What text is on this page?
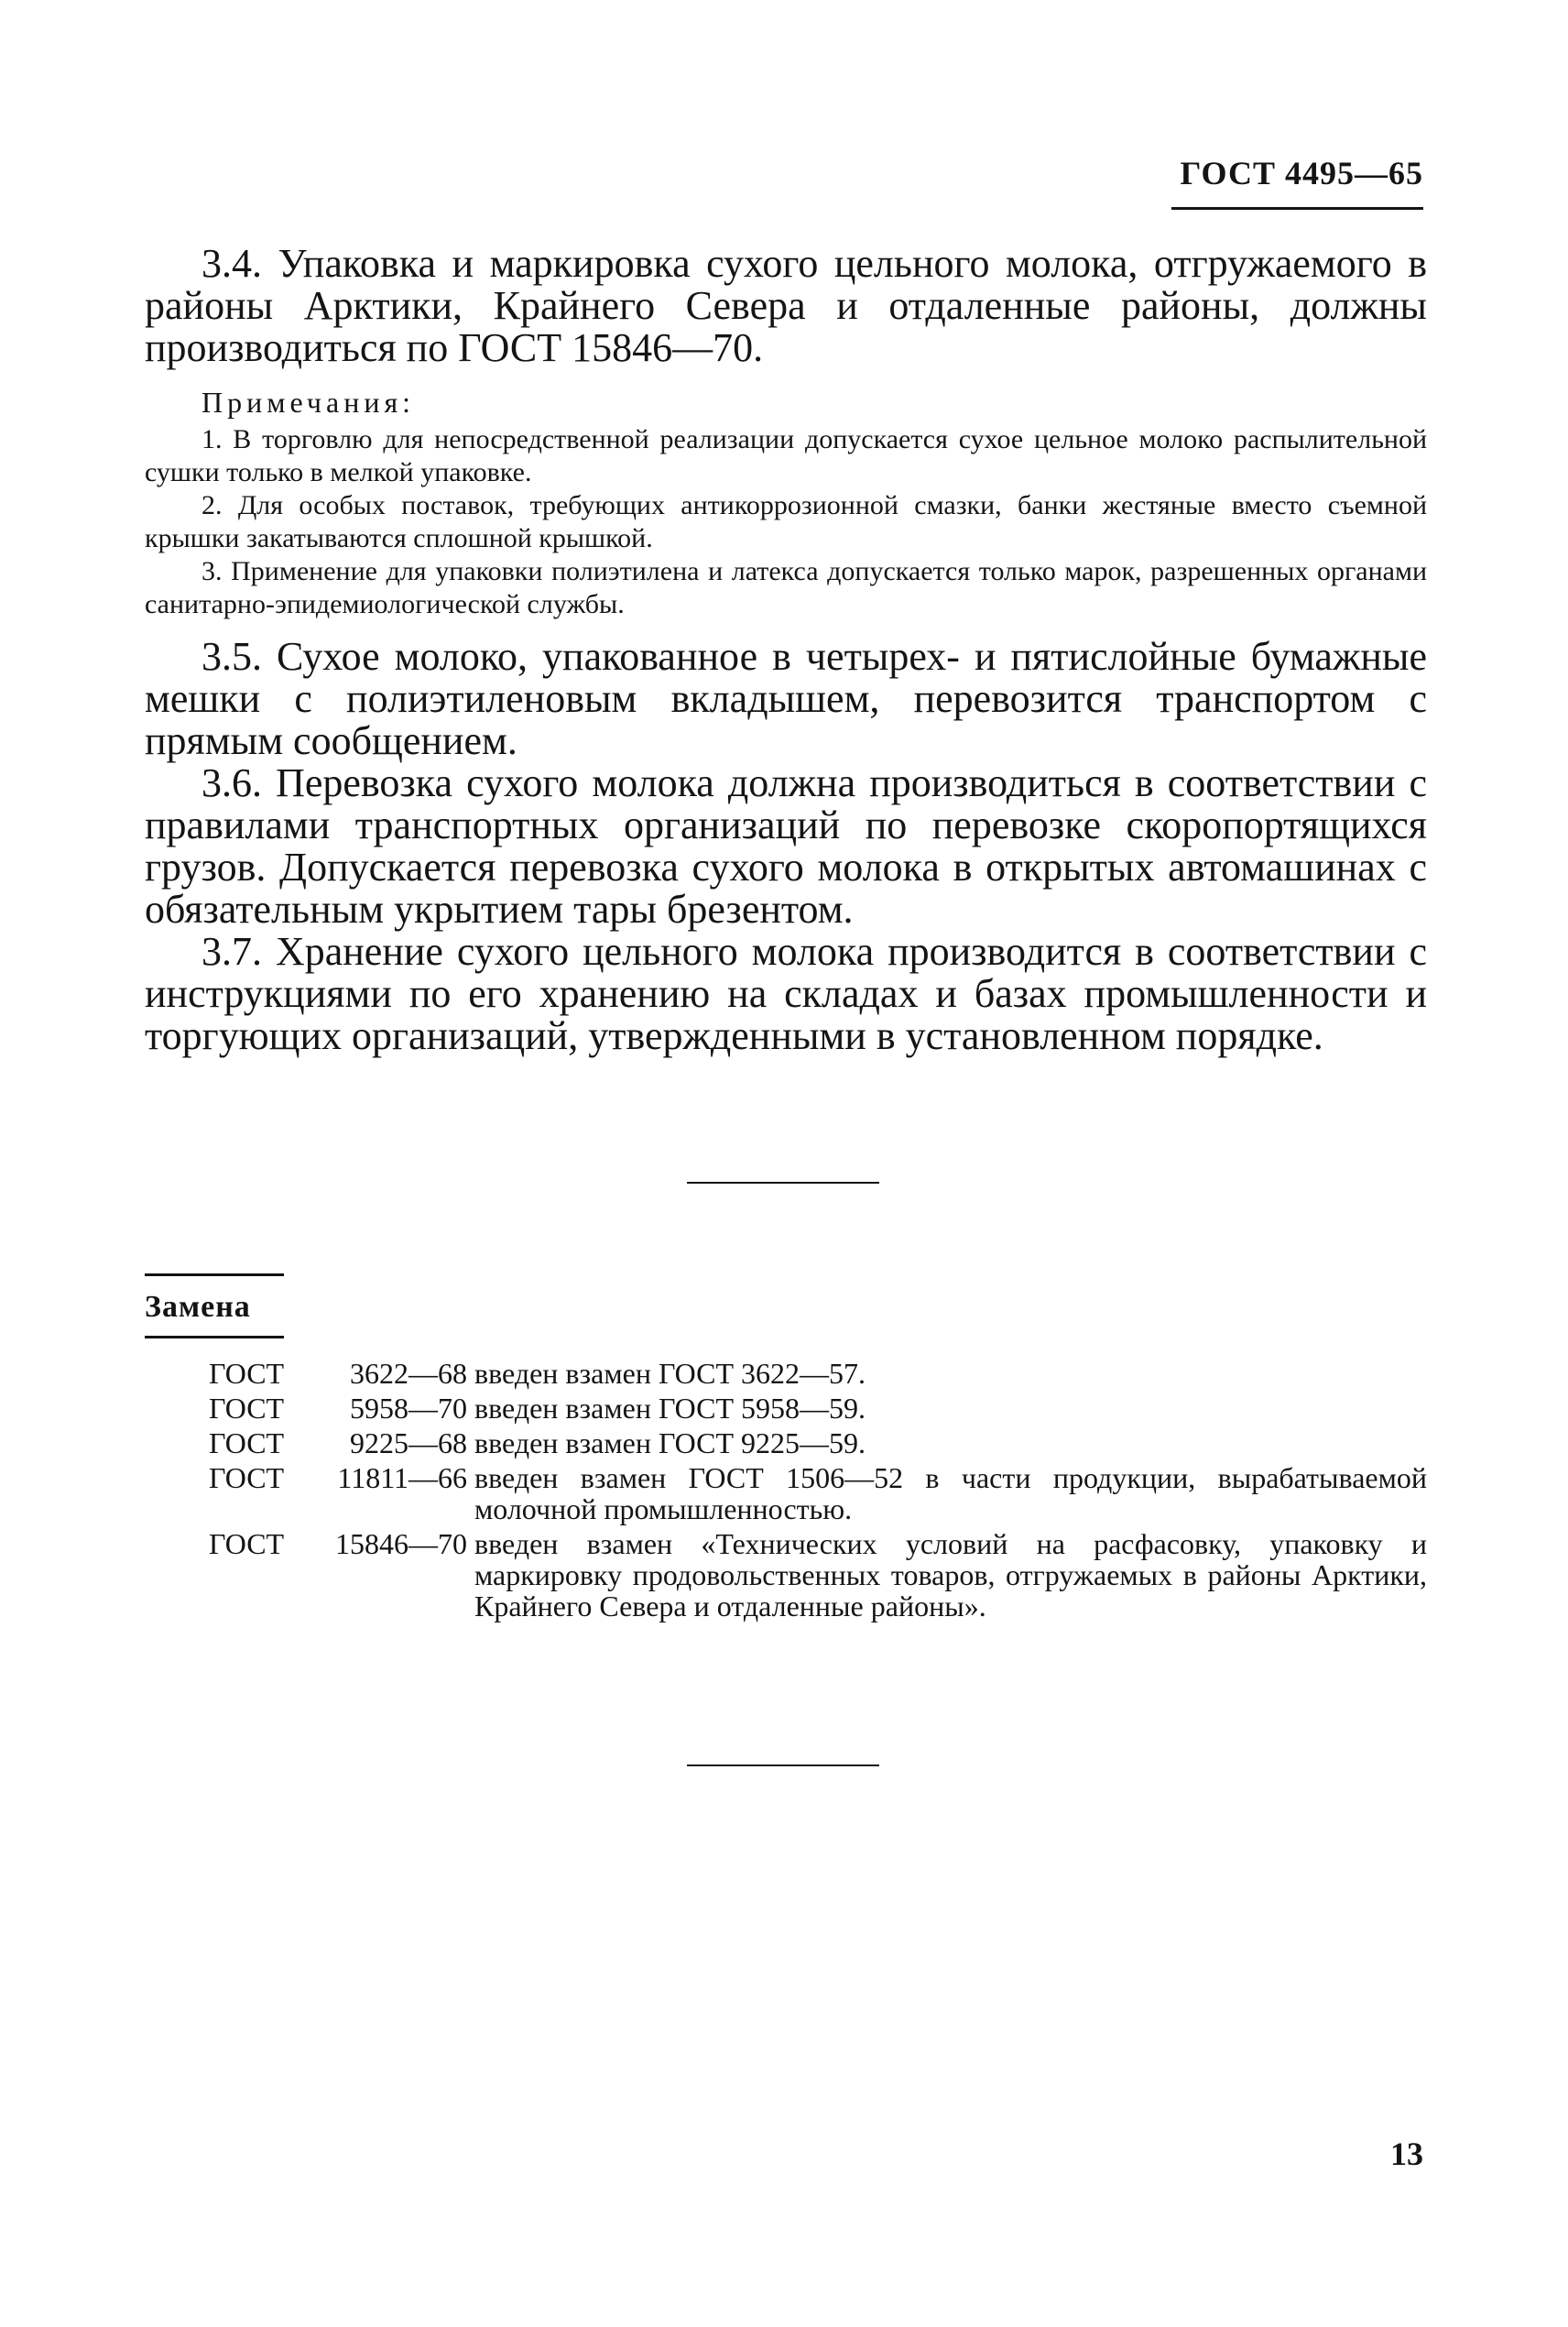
ГОСТ 4495—65

3.4. Упаковка и маркировка сухого цельного молока, отгружаемого в районы Арктики, Крайнего Севера и отдаленные районы, должны производиться по ГОСТ 15846—70.

Примечания:

1. В торговлю для непосредственной реализации допускается сухое цельное молоко распылительной сушки только в мелкой упаковке.

2. Для особых поставок, требующих антикоррозионной смазки, банки жестяные вместо съемной крышки закатываются сплошной крышкой.

3. Применение для упаковки полиэтилена и латекса допускается только марок, разрешенных органами санитарно-эпидемиологической службы.

3.5. Сухое молоко, упакованное в четырех- и пятислойные бумажные мешки с полиэтиленовым вкладышем, перевозится транспортом с прямым сообщением.

3.6. Перевозка сухого молока должна производиться в соответствии с правилами транспортных организаций по перевозке скоропортящихся грузов. Допускается перевозка сухого молока в открытых автомашинах с обязательным укрытием тары брезентом.

3.7. Хранение сухого цельного молока производится в соответствии с инструкциями по его хранению на складах и базах промышленности и торгующих организаций, утвержденными в установленном порядке.

Замена
ГОСТ	3622—68 введен взамен ГОСТ 3622—57.
ГОСТ	5958—70 введен взамен ГОСТ 5958—59.
ГОСТ	9225—68 введен взамен ГОСТ 9225—59.
ГОСТ	11811—66 введен взамен ГОСТ 1506—52 в части продукции, вырабатываемой молочной промышленностью.
ГОСТ	15846—70 введен взамен «Технических условий на расфасовку, упаковку и маркировку продовольственных товаров, отгружаемых в районы Арктики, Крайнего Севера и отдаленные районы».
13
